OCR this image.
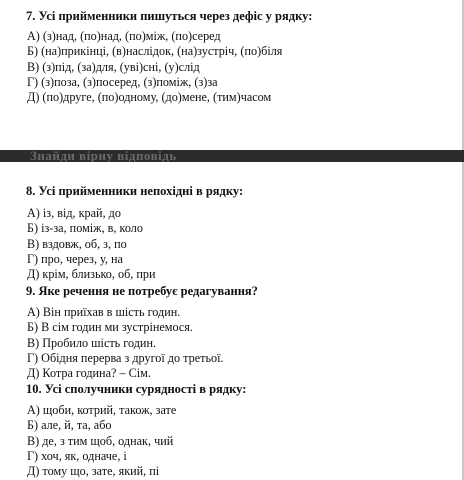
7. Усі прийменники пишуться через дефіс у рядку:
А) (з)над, (по)над, (по)між, (по)серед
Б) (на)прикінці, (в)наслідок, (на)зустріч, (по)біля
В) (з)під, (за)для, (уві)сні, (у)слід
Г) (з)поза, (з)посеред, (з)поміж, (з)за
Д) (по)друге, (по)одному, (до)мене, (тим)часом
Знайди вірну відповідь
8. Усі прийменники непохідні в рядку:
А) із, від, край, до
Б) із-за, поміж, в, коло
В) вздовж, об, з, по
Г) про, через, у, на
Д) крім, близько, об, при
9. Яке речення не потребує редагування?
А) Він приїхав в шість годин.
Б) В сім годин ми зустрінемося.
В) Пробило шість годин.
Г) Обідня перерва з другої до третьої.
Д) Котра година? – Сім.
10. Усі сполучники сурядності в рядку:
А) щоби, котрий, також, зате
Б) але, й, та, або
В) де, з тим щоб, однак, чий
Г) хоч, як, одначе, і
Д) тому що, зате, який, пі
